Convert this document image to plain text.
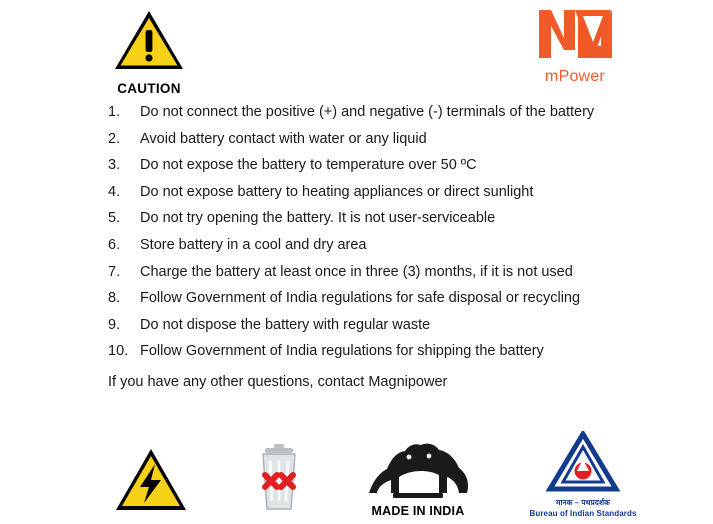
CAUTION
mPower
1.	Do not connect the positive (+) and negative (-) terminals of the battery
2.	Avoid battery contact with water or any liquid
3.	Do not expose the battery to temperature over 50 ºC
4.	Do not expose battery to heating appliances or direct sunlight
5.	Do not try opening the battery. It is not user-serviceable
6.	Store battery in a cool and dry area
7.	Charge the battery at least once in three (3) months, if it is not used
8.	Follow Government of India regulations for safe disposal or recycling
9.	Do not dispose the battery with regular waste
10. Follow Government of India regulations for shipping the battery
If you have any other questions, contact Magnipower
MADE IN INDIA
मानक – पथप्रदर्शक
Bureau of Indian Standards
